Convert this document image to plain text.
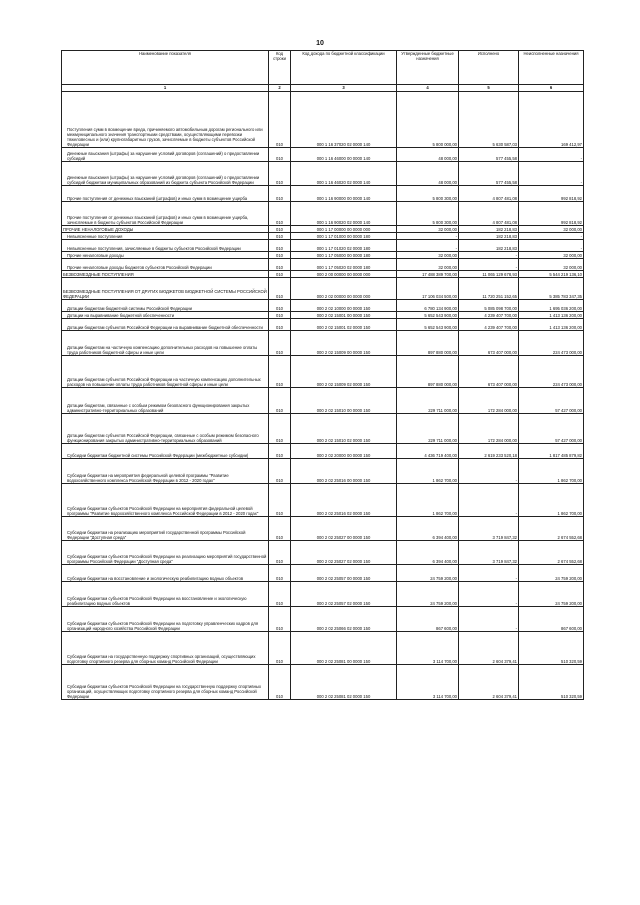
10
Наименование показателя	Код строки	Код дохода по бюджетной классификации	Утвержденные бюджетные назначения	Исполнено	Неисполненные назначения
1	2	3	4	5	6
Поступления сумм в возмещение вреда, причиняемого автомобильным дорогам регионального или межмуниципального значения транспортными средствами, осуществляющими перевозки тяжеловесных и (или) крупногабаритных грузов, зачисляемые в бюджеты субъектов Российской Федерации	010	000 1 16 37020 02 0000 140	5 800 000,00	5 630 587,03	169 412,97
Денежные взыскания (штрафы) за нарушение условий договоров (соглашений) о предоставлении субсидий	010	000 1 16 46000 00 0000 140	48 000,00	577 455,58	-
Денежные взыскания (штрафы) за нарушение условий договоров (соглашений) о предоставлении субсидий бюджетам муниципальных образований из бюджета субъекта Российской Федерации	010	000 1 16 46020 02 0000 140	48 000,00	577 455,58	-
Прочие поступления от денежных взысканий (штрафов) и иных сумм в возмещение ущерба	010	000 1 16 90000 00 0000 140	5 800 300,00	4 807 481,08	992 818,92
Прочие поступления от денежных взысканий (штрафов) и иных сумм в возмещение ущерба, зачисляемые в бюджеты субъектов Российской Федерации	010	000 1 16 90020 02 0000 140	5 800 300,00	4 807 481,08	992 818,92
ПРОЧИЕ НЕНАЛОГОВЫЕ ДОХОДЫ	010	000 1 17 00000 00 0000 000	32 000,00	182 218,83	32 000,00
Невыясненные поступления	010	000 1 17 01000 00 0000 180	-	182 218,83	-
Невыясненные поступления, зачисляемые в бюджеты субъектов Российской Федерации	010	000 1 17 01020 02 0000 180	-	182 218,83	-
Прочие неналоговые доходы	010	000 1 17 05000 00 0000 180	32 000,00	-	32 000,00
Прочие неналоговые доходы бюджетов субъектов Российской Федерации	010	000 1 17 05020 02 0000 180	32 000,00	-	32 000,00
БЕЗВОЗМЕЗДНЫЕ ПОСТУПЛЕНИЯ	010	000 2 00 00000 00 0000 000	17 488 389 700,00	11 065 129 678,93	5 544 219 136,10
БЕЗВОЗМЕЗДНЫЕ ПОСТУПЛЕНИЯ ОТ ДРУГИХ БЮДЖЕТОВ БЮДЖЕТНОЙ СИСТЕМЫ РОССИЙСКОЙ ФЕДЕРАЦИИ	010	000 2 02 00000 00 0000 000	17 106 034 500,00	11 720 251 152,65	5 385 783 347,35
Дотации бюджетам бюджетной системы Российской Федерации	010	000 2 02 10000 00 0000 150	6 780 134 900,00	5 085 098 700,00	1 695 036 200,00
Дотации на выравнивание бюджетной обеспеченности	010	000 2 02 15001 00 0000 150	5 652 543 900,00	4 239 407 700,00	1 413 136 200,00
Дотации бюджетам субъектов Российской Федерации на выравнивание бюджетной обеспеченности	010	000 2 02 15001 02 0000 150	5 652 543 900,00	4 239 407 700,00	1 413 136 200,00
Дотации бюджетам на частичную компенсацию дополнительных расходов на повышение оплаты труда работников бюджетной сферы и иные цели	010	000 2 02 15009 00 0000 150	897 880 000,00	673 407 000,00	224 473 000,00
Дотации бюджетам субъектов Российской Федерации на частичную компенсацию дополнительных расходов на повышение оплаты труда работников бюджетной сферы и иные цели	010	000 2 02 15009 02 0000 150	897 880 000,00	673 407 000,00	224 473 000,00
Дотации бюджетам, связанные с особым режимом безопасного функционирования закрытых административно-территориальных образований	010	000 2 02 15010 00 0000 150	229 711 000,00	172 284 000,00	57 427 000,00
Дотации бюджетам субъектов Российской Федерации, связанные с особым режимом безопасного функционирования закрытых административно-территориальных образований	010	000 2 02 15010 02 0000 150	229 711 000,00	172 284 000,00	57 427 000,00
Субсидии бюджетам бюджетной системы Российской Федерации (межбюджетные субсидии)	010	000 2 02 20000 00 0000 150	4 436 719 400,00	2 619 233 520,18	1 817 485 879,82
Субсидии бюджетам на мероприятия федеральной целевой программы "Развитие водохозяйственного комплекса Российской Федерации в 2012 - 2020 годах"	010	000 2 02 25016 00 0000 150	1 862 700,00	-	1 862 700,00
Субсидии бюджетам субъектов Российской Федерации на мероприятия федеральной целевой программы "Развитие водохозяйственного комплекса Российской Федерации в 2012 - 2020 годах"	010	000 2 02 25016 02 0000 150	1 862 700,00	-	1 862 700,00
Субсидии бюджетам на реализацию мероприятий государственной программы Российской Федерации "Доступная среда"	010	000 2 02 25027 00 0000 150	6 394 400,00	3 719 847,32	2 674 552,68
Субсидии бюджетам субъектов Российской Федерации на реализацию мероприятий государственной программы Российской Федерации "Доступная среда"	010	000 2 02 25027 02 0000 150	6 394 400,00	3 719 847,32	2 674 552,68
Субсидии бюджетам на восстановление и экологическую реабилитацию водных объектов	010	000 2 02 25057 00 0000 150	24 759 200,00	-	24 759 200,00
Субсидии бюджетам субъектов Российской Федерации на восстановление и экологическую реабилитацию водных объектов	010	000 2 02 25057 02 0000 150	24 759 200,00	-	24 759 200,00
Субсидии бюджетам субъектов Российской Федерации на подготовку управленческих кадров для организаций народного хозяйства Российской Федерации	010	000 2 02 25066 02 0000 150	867 600,00	-	867 600,00
Субсидии бюджетам на государственную поддержку спортивных организаций, осуществляющих подготовку спортивного резерва для сборных команд Российской Федерации	010	000 2 02 25081 00 0000 150	3 114 700,00	2 604 379,41	510 320,59
Субсидии бюджетам субъектов Российской Федерации на государственную поддержку спортивных организаций, осуществляющих подготовку спортивного резерва для сборных команд Российской Федерации	010	000 2 02 25081 02 0000 150	3 114 700,00	2 604 379,41	510 320,59
